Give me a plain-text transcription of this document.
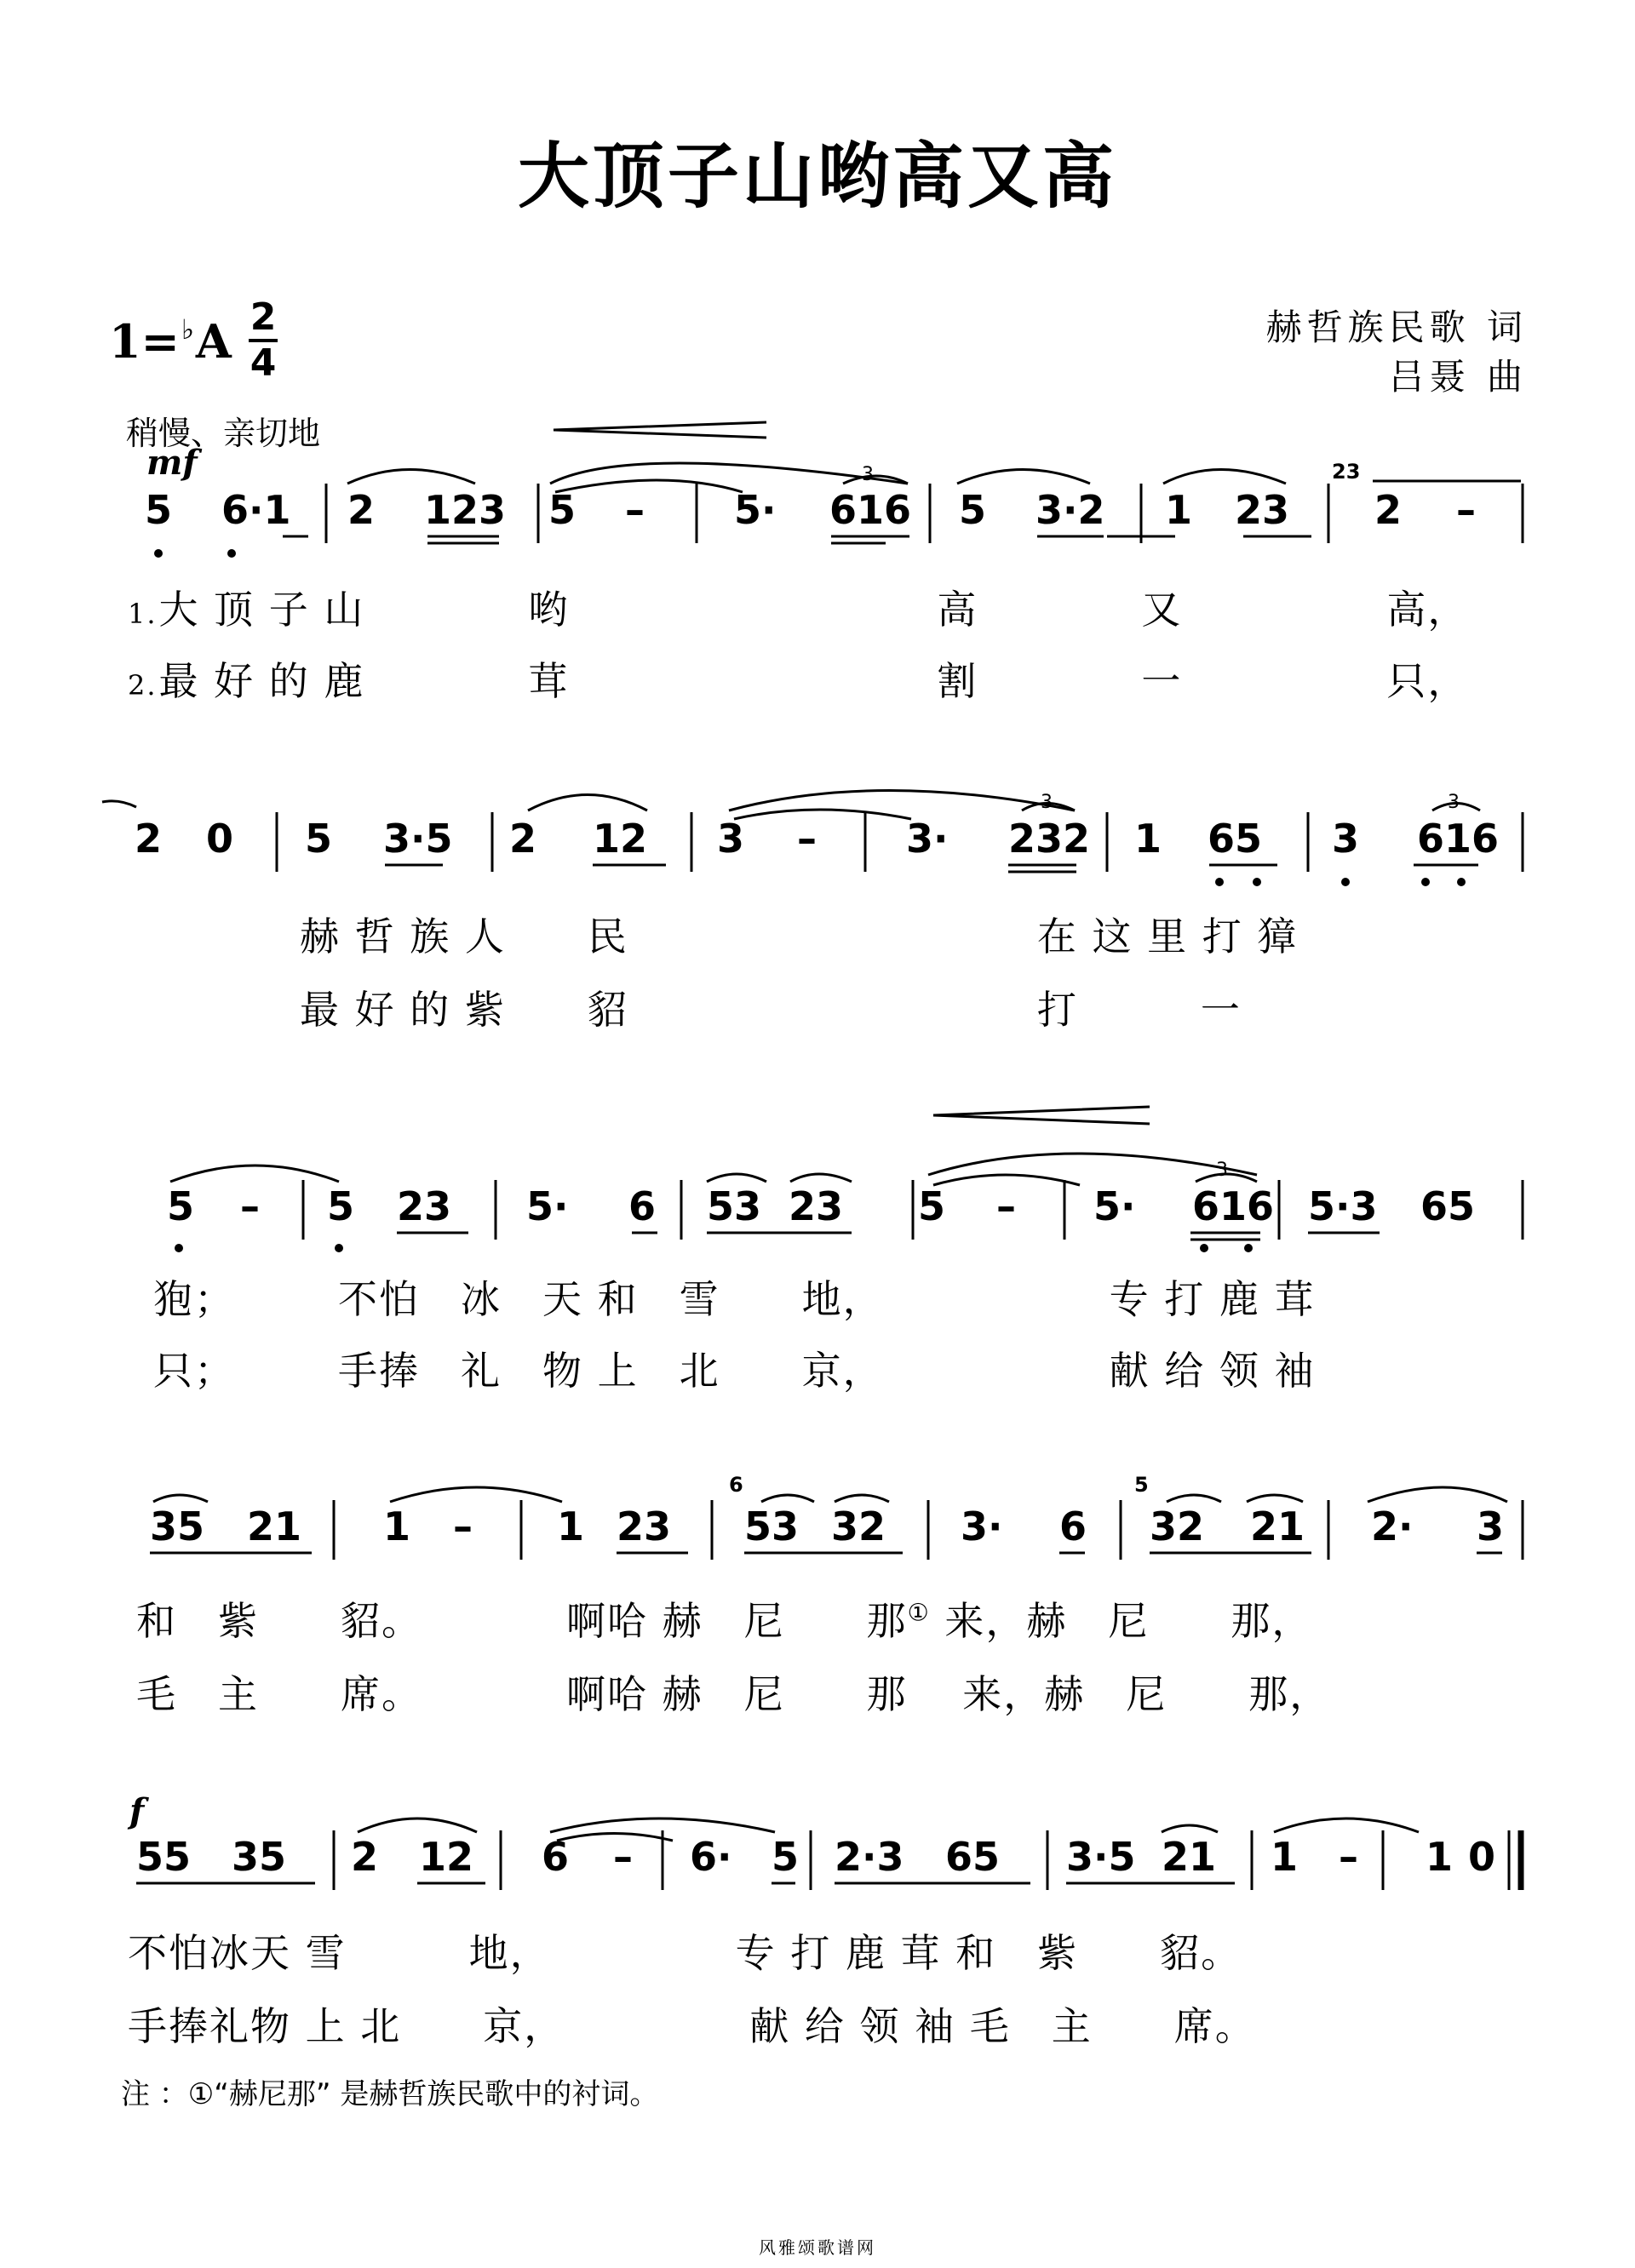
大顶子山哟高又高
1=♭A 2
4
赫哲族民歌 词
吕聂 曲
稍慢、亲切地
mf
f
5 6·1 2 123 5 – 5· 616 5 3·2 1 23 2 –
2 0 5 3·5 2 12 3 – 3· 232 1 65 3 616
5 – 5 23 5· 6 53 23 5 – 5· 616 5·3 65
35 21 1 – 1 23 53 32 3· 6 32 21 2· 3
55 35 2 12 6 – 6· 5 2·3 65 3·5 21 1 – 1 0
3
3	3
3
23
6	5
1.大 顶 子 山　　　　哟　　　　　　　　　高　　　　又　　　　　高，
2.最 好 的 鹿　　　　茸　　　　　　　　　割　　　　一　　　　　只，
赫 哲 族 人　　民　　　　　　　　　　在 这 里 打 獐
最 好 的 紫　　貂　　　　　　　　　　打　　　一
狍；　　　不怕　冰　天 和　雪　　地，　　　　　　专 打 鹿 茸
只；　　　手捧　礼　物 上　北　　京，　　　　　　献 给 领 袖
和　紫　　貂。　　　　啊哈 赫　尼　　那① 来，赫　尼　　那，
毛　主　　席。　　　　啊哈 赫　尼　　那　 来，赫　尼　　那，
不怕冰天 雪　　　地，　　　　　专 打 鹿 茸 和　紫　　貂。
手捧礼物 上 北　　京，　　　　　献 给 领 袖 毛　主　　席。
注 ：①“赫尼那” 是赫哲族民歌中的衬词。
风雅颂歌谱网
